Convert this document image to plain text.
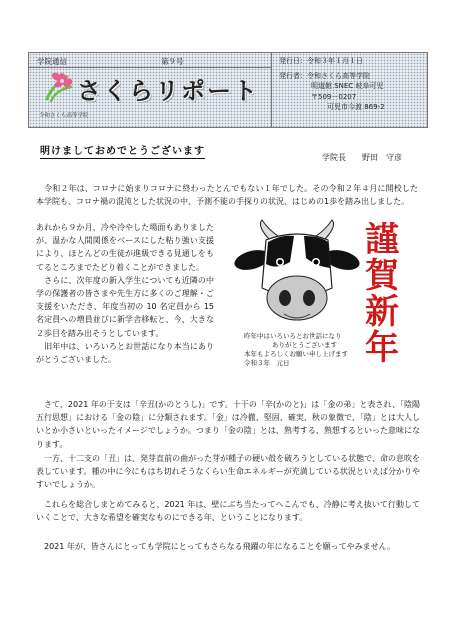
学院通信	第９号
さくらリポート
令和さくら高等学院
発行日：令和３年１月１日
発行者：令和さくら高等学院
明道館 SNEC 岐阜可児
〒509－0207
可児市今渡 869-2
明けましておめでとうございます
学院長　　野田　守彦

　令和２年は、コロナに始まりコロナに終わったとんでもない１年でした。その令和２年４月に開校した本学院も、コロナ禍の混沌とした状況の中、予測不能の手探りの状況、はじめの1歩を踏み出しました。

あれから９か月、冷や冷やした場面もありましたが、温かな人間関係をベースにした粘り強い支援により、ほとんどの生徒が進級できる見通しをもてるところまでたどり着くことができました。

　さらに、次年度の新入学生についても近隣の中学の保護者の皆さまや先生方に多くのご理解・ご支援をいただき、年度当初の 10 名定員から 15 名定員への増員並びに新学舎移転と、今、大きな２歩目を踏み出そうとしています。

　旧年中は、いろいろとお世話になり本当にありがとうございました。

昨年中はいろいろとお世話になり
ありがとうございます
本年もよろしくお願い申し上げます
令和３年　元日
謹
賀
新
年

　さて、2021 年の干支は「辛丑(かのとうし)」です。十干の「辛(かのと)」は「金の弟」と表され、「陰陽五行思想」における「金の陰」に分類されます。「金」は冷徹、堅固、確実、秋の象徴で、「陰」とは大人しいとか小さいといったイメージでしょうか。つまり「金の陰」とは、熟考する、熟想するといった意味になります。

　一方、十二支の「丑」は、発芽直前の曲がった芽が種子の硬い殻を破ろうとしている状態で、命の息吹を表しています。種の中に今にもはち切れそうなくらい生命エネルギーが充満している状況といえば分かりやすいでしょうか。

　これらを総合しまとめてみると、2021 年は、壁にぶち当たってへこんでも、冷静に考え抜いて行動していくことで、大きな希望を確実なものにできる年、ということになります。

　2021 年が、皆さんにとっても学院にとってもさらなる飛躍の年になることを願ってやみません。
